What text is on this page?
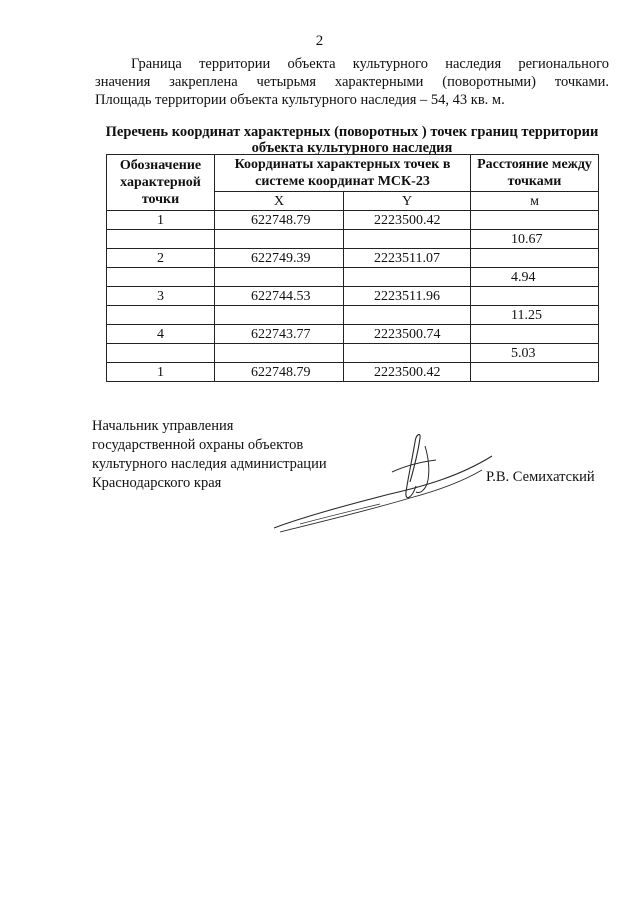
2
Граница территории объекта культурного наследия регионального
значения закреплена четырьмя характерными (поворотными) точками.
Площадь территории объекта культурного наследия – 54, 43 кв. м.
Перечень координат характерных (поворотных ) точек границ территории
объекта культурного наследия
Обозначение характерной точки	Координаты характерных точек в системе координат МСК-23		Расстояние между точками
	X	Y	м
1	622748.79	2223500.42	
			10.67
2	622749.39	2223511.07	
			4.94
3	622744.53	2223511.96	
			11.25
4	622743.77	2223500.74	
			5.03
1	622748.79	2223500.42	
Начальник управления
государственной охраны объектов
культурного наследия администрации
Краснодарского края	Р.В. Семихатский
